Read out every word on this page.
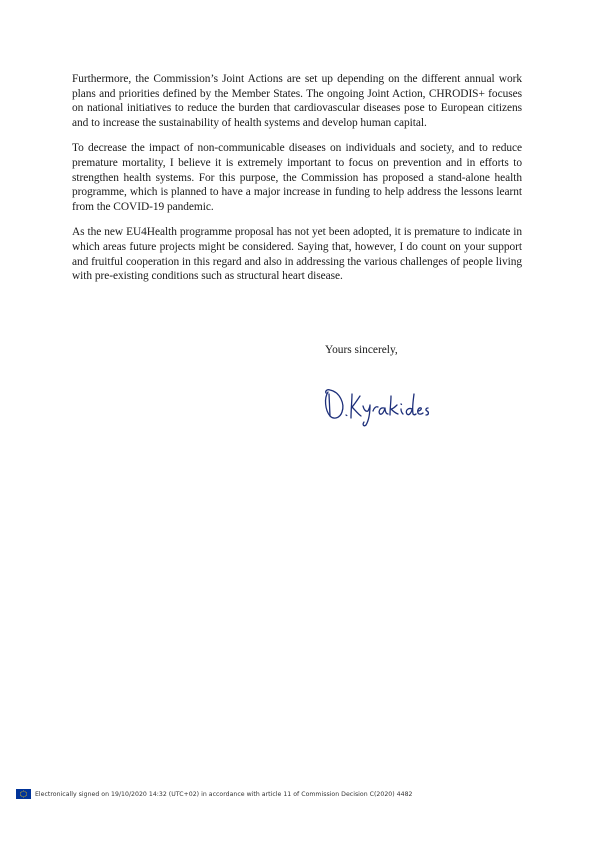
Furthermore, the Commission’s Joint Actions are set up depending on the different annual work plans and priorities defined by the Member States. The ongoing Joint Action, CHRODIS+ focuses on national initiatives to reduce the burden that cardiovascular diseases pose to European citizens and to increase the sustainability of health systems and develop human capital.

To decrease the impact of non-communicable diseases on individuals and society, and to reduce premature mortality, I believe it is extremely important to focus on prevention and in efforts to strengthen health systems. For this purpose, the Commission has proposed a stand-alone health programme, which is planned to have a major increase in funding to help address the lessons learnt from the COVID-19 pandemic.

As the new EU4Health programme proposal has not yet been adopted, it is premature to indicate in which areas future projects might be considered. Saying that, however, I do count on your support and fruitful cooperation in this regard and also in addressing the various challenges of people living with pre-existing conditions such as structural heart disease.

Yours sincerely,
Electronically signed on 19/10/2020 14:32 (UTC+02) in accordance with article 11 of Commission Decision C(2020) 4482
